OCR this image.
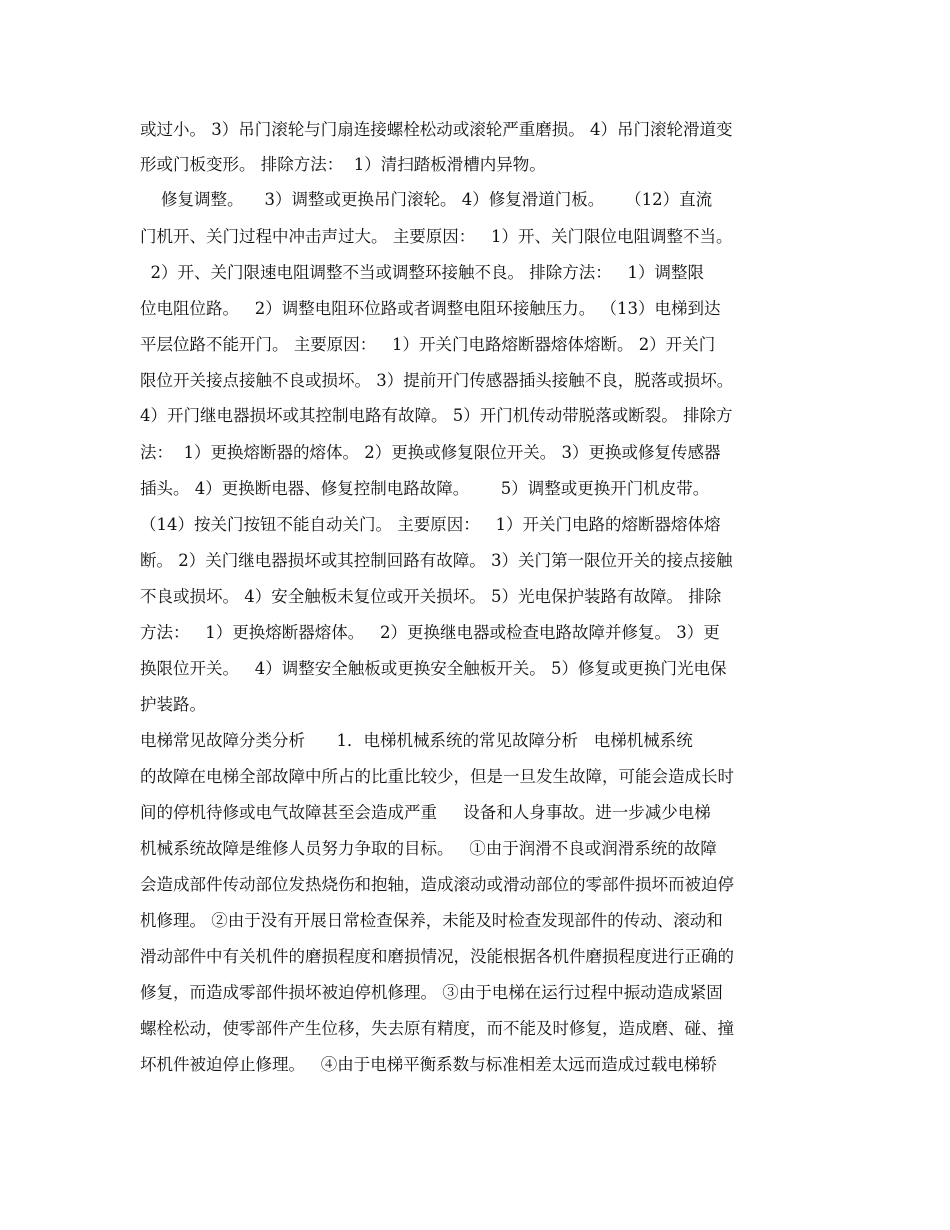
或过小。 3）吊门滚轮与门扇连接螺栓松动或滚轮严重磨损。 4）吊门滚轮滑道变

形或门板变形。 排除方法：  1）清扫踏板滑槽内异物。

修复调整。    3）调整或更换吊门滚轮。 4）修复滑道门板。    （12）直流

门机开、关门过程中冲击声过大。 主要原因：   1）开、关门限位电阻调整不当。

2）开、关门限速电阻调整不当或调整环接触不良。 排除方法：   1）调整限

位电阻位路。   2）调整电阻环位路或者调整电阻环接触压力。 （13）电梯到达

平层位路不能开门。 主要原因：   1）开关门电路熔断器熔体熔断。 2）开关门

限位开关接点接触不良或损坏。 3）提前开门传感器插头接触不良，脱落或损坏。

4）开门继电器损坏或其控制电路有故障。 5）开门机传动带脱落或断裂。 排除方

法：  1）更换熔断器的熔体。 2）更换或修复限位开关。 3）更换或修复传感器

插头。 4）更换断电器、修复控制电路故障。      5）调整或更换开门机皮带。

（14）按关门按钮不能自动关门。 主要原因：   1）开关门电路的熔断器熔体熔

断。 2）关门继电器损坏或其控制回路有故障。 3）关门第一限位开关的接点接触

不良或损坏。 4）安全触板未复位或开关损坏。 5）光电保护装路有故障。 排除

方法：   1）更换熔断器熔体。   2）更换继电器或检查电路故障并修复。 3）更

换限位开关。   4）调整安全触板或更换安全触板开关。 5）修复或更换门光电保

护装路。

电梯常见故障分类分析      1．电梯机械系统的常见故障分析   电梯机械系统

的故障在电梯全部故障中所占的比重比较少，但是一旦发生故障，可能会造成长时

间的停机待修或电气故障甚至会造成严重     设备和人身事故。进一步减少电梯

机械系统故障是维修人员努力争取的目标。   ①由于润滑不良或润滑系统的故障

会造成部件传动部位发热烧伤和抱轴，造成滚动或滑动部位的零部件损坏而被迫停

机修理。 ②由于没有开展日常检查保养，未能及时检查发现部件的传动、滚动和

滑动部件中有关机件的磨损程度和磨损情况，没能根据各机件磨损程度进行正确的

修复，而造成零部件损坏被迫停机修理。 ③由于电梯在运行过程中振动造成紧固

螺栓松动，使零部件产生位移，失去原有精度，而不能及时修复，造成磨、碰、撞

坏机件被迫停止修理。   ④由于电梯平衡系数与标准相差太远而造成过载电梯轿
